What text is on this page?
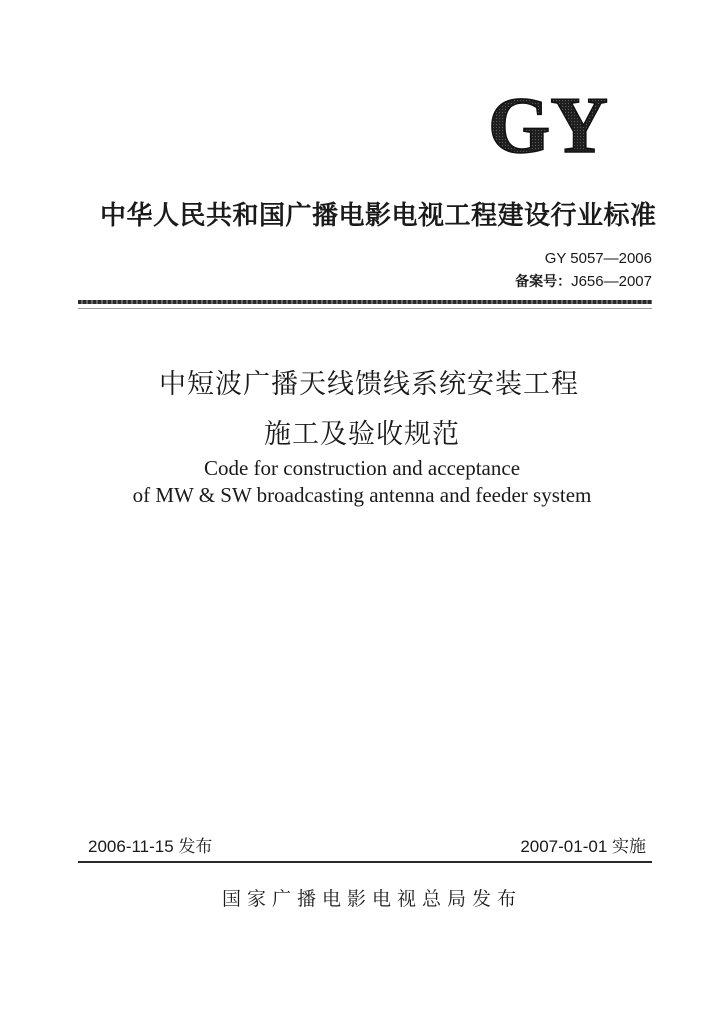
GY
中华人民共和国广播电影电视工程建设行业标准
GY 5057—2006
备案号：J656—2007
中短波广播天线馈线系统安装工程
施工及验收规范
Code for construction and acceptance
of MW & SW broadcasting antenna and feeder system
2006-11-15 发布	2007-01-01 实施
国家广播电影电视总局发布
